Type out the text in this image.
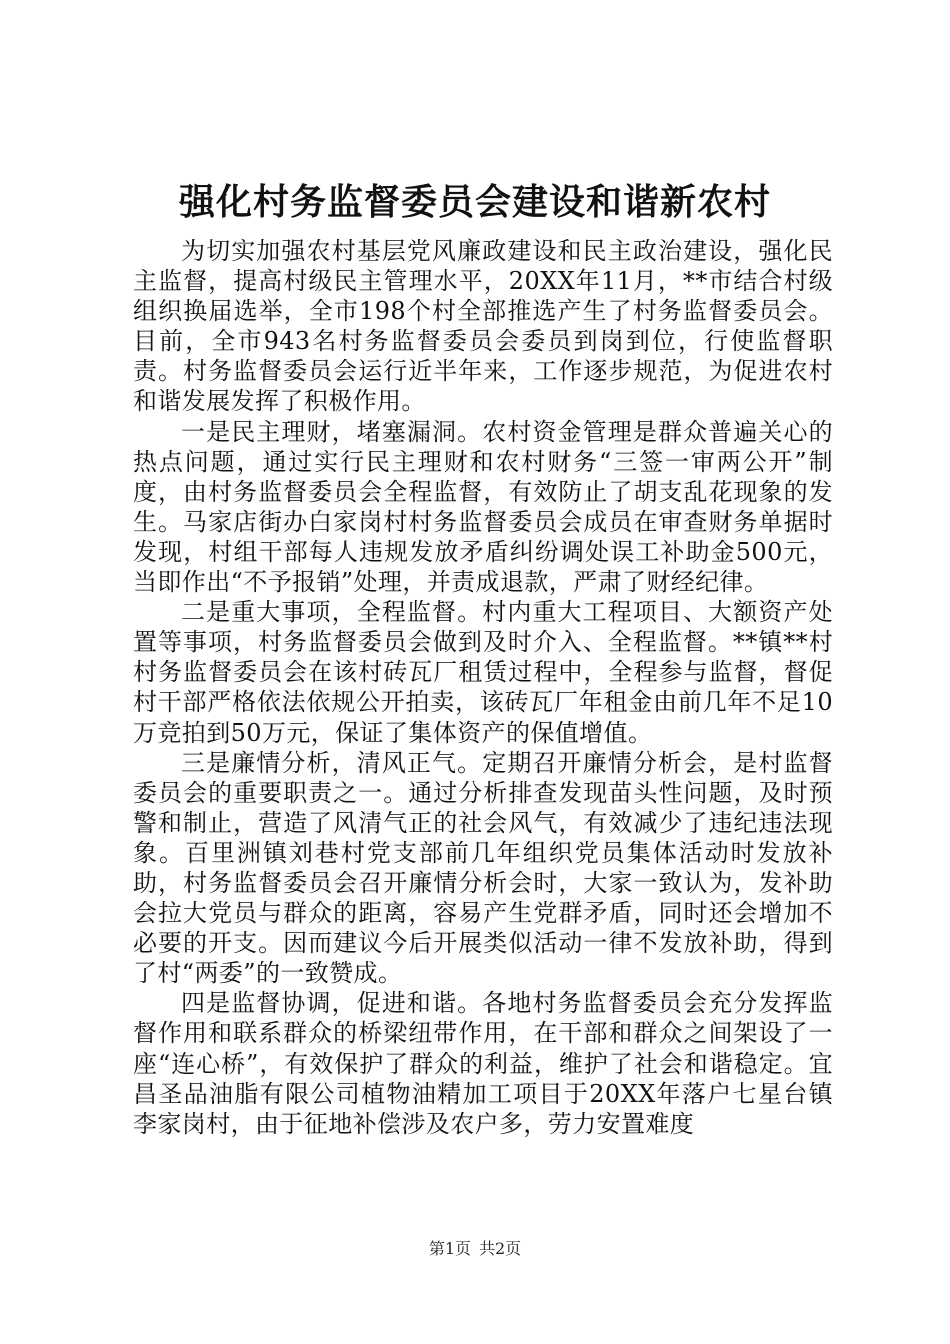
强化村务监督委员会建设和谐新农村

为切实加强农村基层党风廉政建设和民主政治建设，强化民主监督，提高村级民主管理水平，20XX年11月，**市结合村级组织换届选举，全市198个村全部推选产生了村务监督委员会。目前，全市943名村务监督委员会委员到岗到位，行使监督职责。村务监督委员会运行近半年来，工作逐步规范，为促进农村和谐发展发挥了积极作用。

一是民主理财，堵塞漏洞。农村资金管理是群众普遍关心的热点问题，通过实行民主理财和农村财务“三签一审两公开”制度，由村务监督委员会全程监督，有效防止了胡支乱花现象的发生。马家店街办白家岗村村务监督委员会成员在审查财务单据时发现，村组干部每人违规发放矛盾纠纷调处误工补助金500元，当即作出“不予报销”处理，并责成退款，严肃了财经纪律。

二是重大事项，全程监督。村内重大工程项目、大额资产处置等事项，村务监督委员会做到及时介入、全程监督。**镇**村村务监督委员会在该村砖瓦厂租赁过程中，全程参与监督，督促村干部严格依法依规公开拍卖，该砖瓦厂年租金由前几年不足10万竞拍到50万元，保证了集体资产的保值增值。

三是廉情分析，清风正气。定期召开廉情分析会，是村监督委员会的重要职责之一。通过分析排查发现苗头性问题，及时预警和制止，营造了风清气正的社会风气，有效减少了违纪违法现象。百里洲镇刘巷村党支部前几年组织党员集体活动时发放补助，村务监督委员会召开廉情分析会时，大家一致认为，发补助会拉大党员与群众的距离，容易产生党群矛盾，同时还会增加不必要的开支。因而建议今后开展类似活动一律不发放补助，得到了村“两委”的一致赞成。

四是监督协调，促进和谐。各地村务监督委员会充分发挥监督作用和联系群众的桥梁纽带作用，在干部和群众之间架设了一座“连心桥”，有效保护了群众的利益，维护了社会和谐稳定。宜昌圣品油脂有限公司植物油精加工项目于20XX年落户七星台镇李家岗村，由于征地补偿涉及农户多，劳力安置难度

第1页 共2页
